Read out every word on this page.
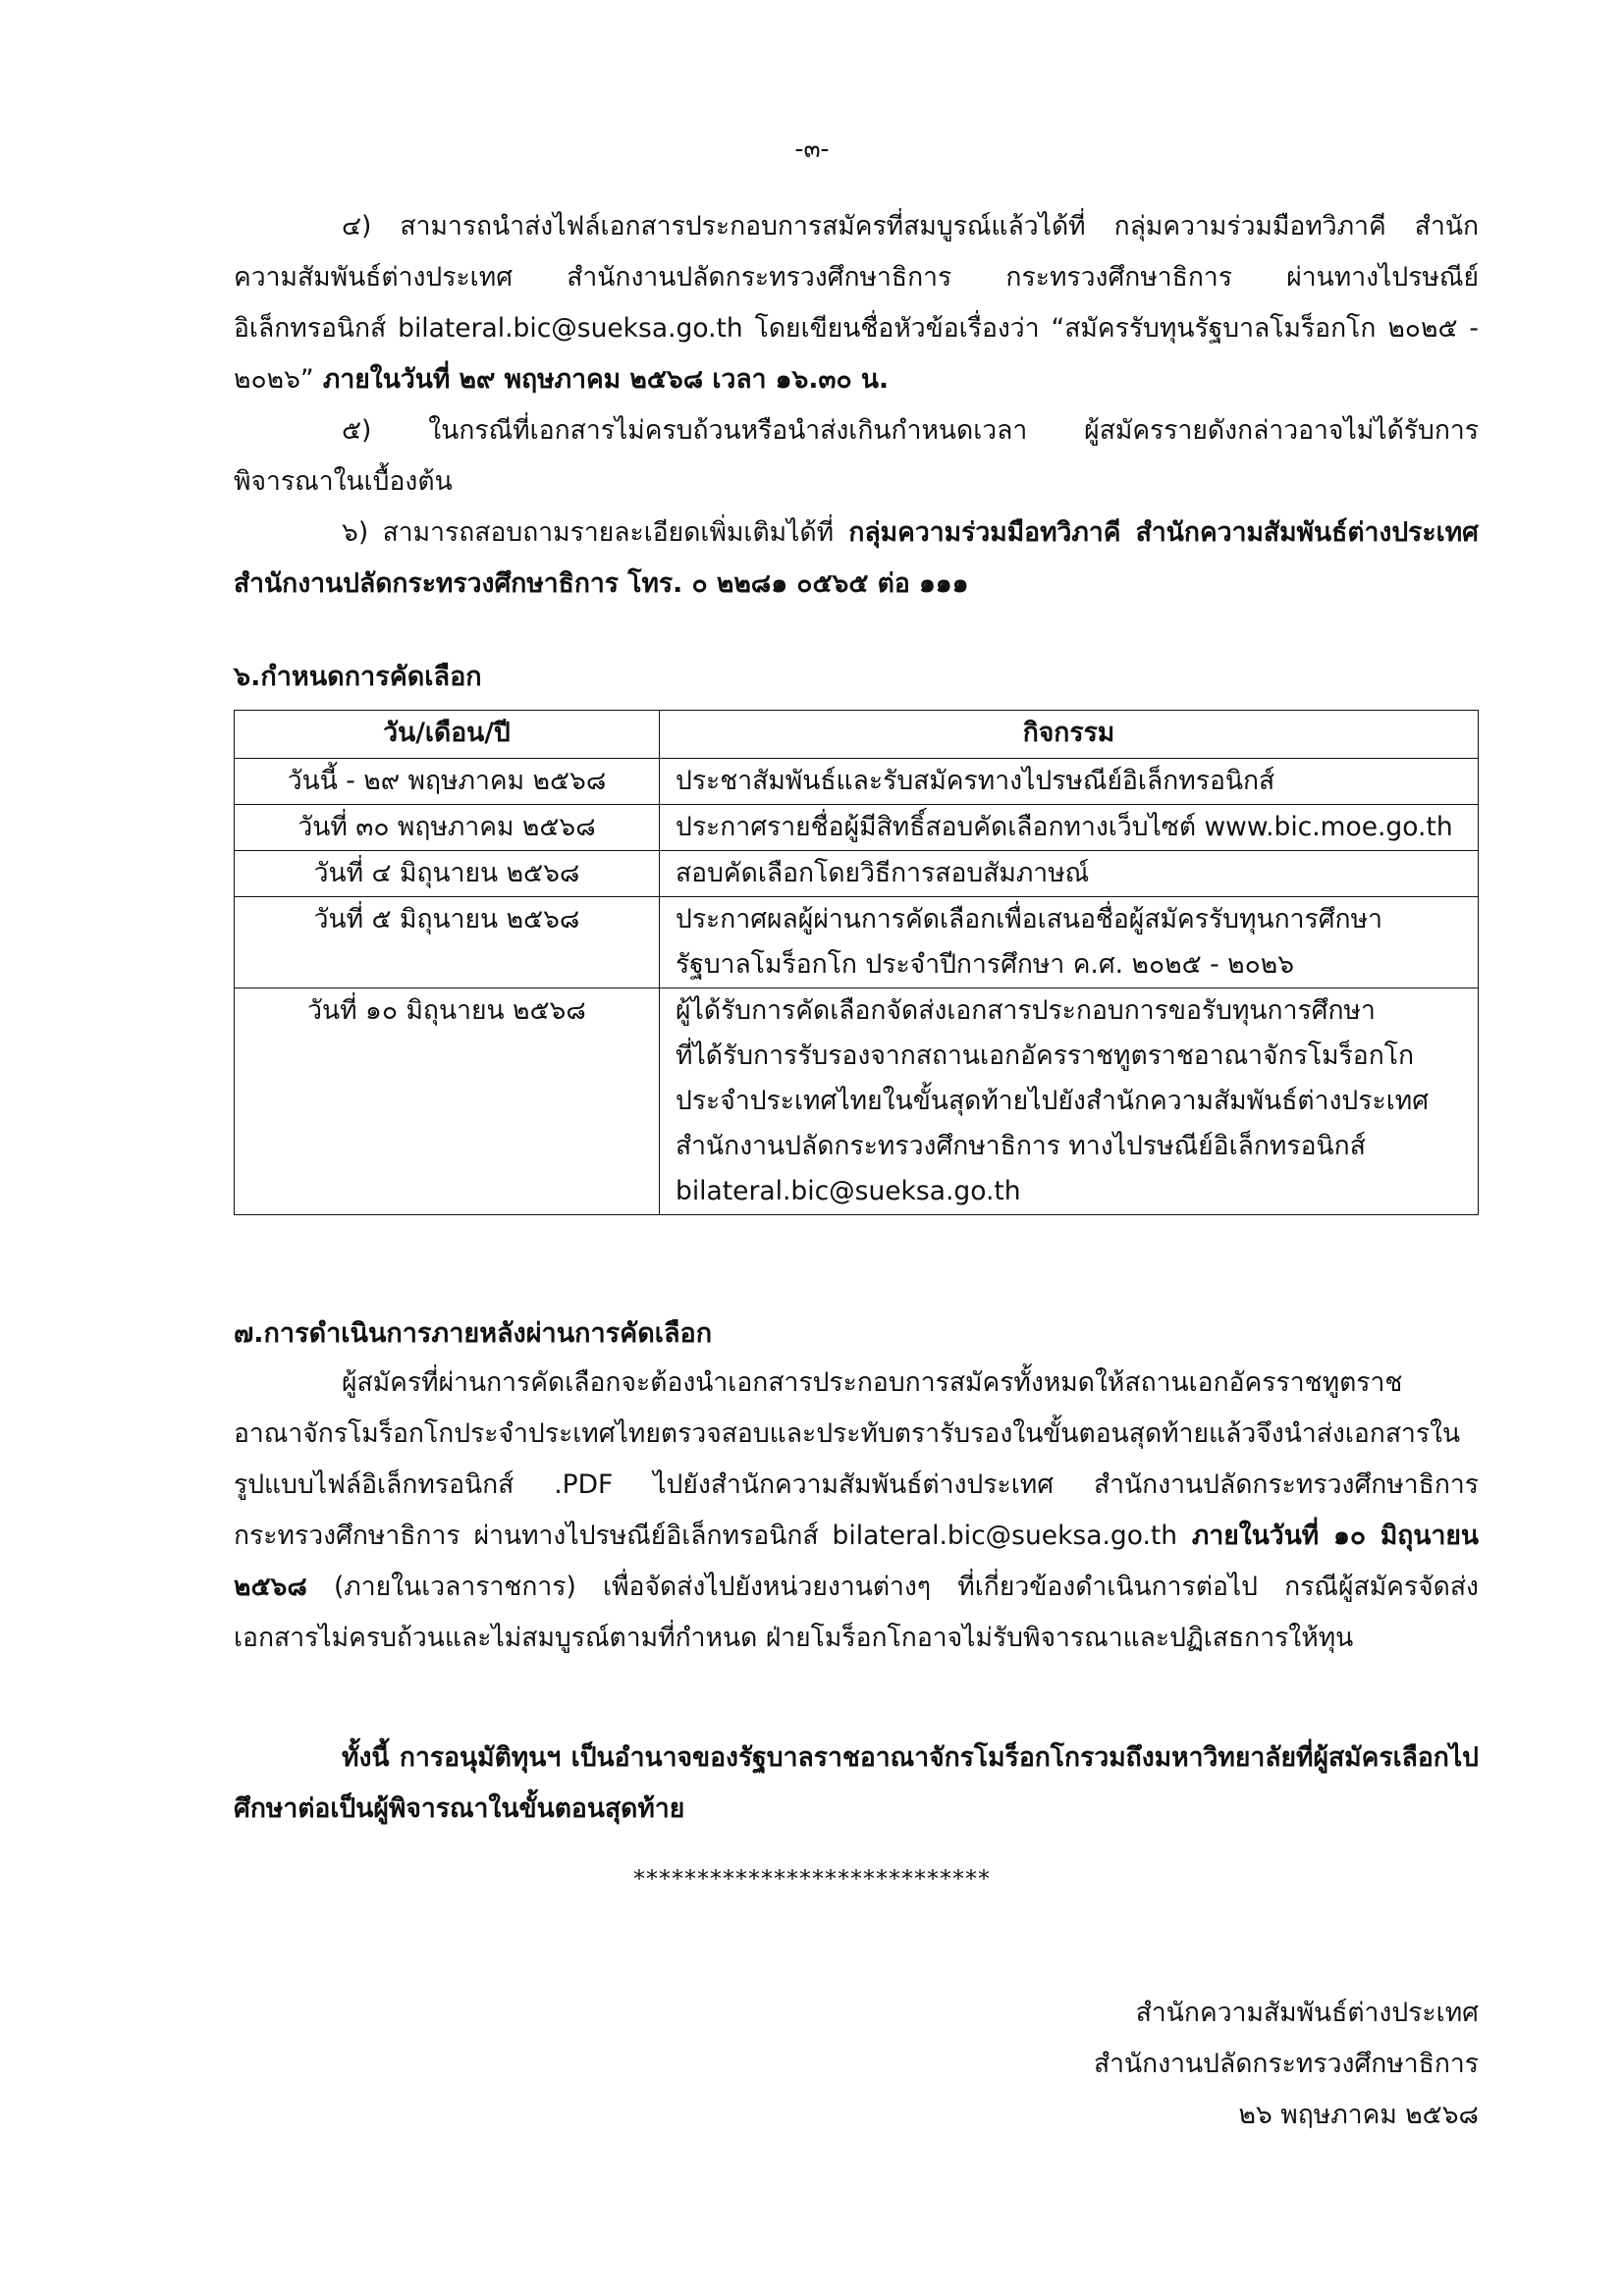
-๓-
๔) สามารถนำส่งไฟล์เอกสารประกอบการสมัครที่สมบูรณ์แล้วได้ที่ กลุ่มความร่วมมือทวิภาคี สำนักความสัมพันธ์ต่างประเทศ สำนักงานปลัดกระทรวงศึกษาธิการ กระทรวงศึกษาธิการ ผ่านทางไปรษณีย์อิเล็กทรอนิกส์ bilateral.bic@sueksa.go.th โดยเขียนชื่อหัวข้อเรื่องว่า “สมัครรับทุนรัฐบาลโมร็อกโก ๒๐๒๕ - ๒๐๒๖” ภายในวันที่ ๒๙ พฤษภาคม ๒๕๖๘ เวลา ๑๖.๓๐ น.
๕) ในกรณีที่เอกสารไม่ครบถ้วนหรือนำส่งเกินกำหนดเวลา ผู้สมัครรายดังกล่าวอาจไม่ได้รับการพิจารณาในเบื้องต้น
๖) สามารถสอบถามรายละเอียดเพิ่มเติมได้ที่ กลุ่มความร่วมมือทวิภาคี สำนักความสัมพันธ์ต่างประเทศ สำนักงานปลัดกระทรวงศึกษาธิการ โทร. ๐ ๒๒๘๑ ๐๕๖๕ ต่อ ๑๑๑
๖.กำหนดการคัดเลือก
วัน/เดือน/ปี	กิจกรรม
วันนี้ - ๒๙ พฤษภาคม ๒๕๖๘	ประชาสัมพันธ์และรับสมัครทางไปรษณีย์อิเล็กทรอนิกส์

วันที่ ๓๐ พฤษภาคม ๒๕๖๘	ประกาศรายชื่อผู้มีสิทธิ์สอบคัดเลือกทางเว็บไซต์ www.bic.moe.go.th

วันที่ ๔ มิถุนายน ๒๕๖๘	สอบคัดเลือกโดยวิธีการสอบสัมภาษณ์

วันที่ ๕ มิถุนายน ๒๕๖๘	ประกาศผลผู้ผ่านการคัดเลือกเพื่อเสนอชื่อผู้สมัครรับทุนการศึกษา
รัฐบาลโมร็อกโก ประจำปีการศึกษา ค.ศ. ๒๐๒๕ - ๒๐๒๖

วันที่ ๑๐ มิถุนายน ๒๕๖๘	ผู้ได้รับการคัดเลือกจัดส่งเอกสารประกอบการขอรับทุนการศึกษา
ที่ได้รับการรับรองจากสถานเอกอัครราชทูตราชอาณาจักรโมร็อกโก
ประจำประเทศไทยในขั้นสุดท้ายไปยังสำนักความสัมพันธ์ต่างประเทศ
สำนักงานปลัดกระทรวงศึกษาธิการ ทางไปรษณีย์อิเล็กทรอนิกส์
bilateral.bic@sueksa.go.th
๗.การดำเนินการภายหลังผ่านการคัดเลือก
ผู้สมัครที่ผ่านการคัดเลือกจะต้องนำเอกสารประกอบการสมัครทั้งหมดให้สถานเอกอัครราชทูตราชอาณาจักรโมร็อกโกประจำประเทศไทยตรวจสอบและประทับตรารับรองในขั้นตอนสุดท้ายแล้วจึงนำส่งเอกสารในรูปแบบไฟล์อิเล็กทรอนิกส์ .PDF ไปยังสำนักความสัมพันธ์ต่างประเทศ สำนักงานปลัดกระทรวงศึกษาธิการ กระทรวงศึกษาธิการ ผ่านทางไปรษณีย์อิเล็กทรอนิกส์ bilateral.bic@sueksa.go.th ภายในวันที่ ๑๐ มิถุนายน ๒๕๖๘ (ภายในเวลาราชการ) เพื่อจัดส่งไปยังหน่วยงานต่างๆ ที่เกี่ยวข้องดำเนินการต่อไป กรณีผู้สมัครจัดส่งเอกสารไม่ครบถ้วนและไม่สมบูรณ์ตามที่กำหนด ฝ่ายโมร็อกโกอาจไม่รับพิจารณาและปฏิเสธการให้ทุน
ทั้งนี้ การอนุมัติทุนฯ เป็นอำนาจของรัฐบาลราชอาณาจักรโมร็อกโกรวมถึงมหาวิทยาลัยที่ผู้สมัครเลือกไปศึกษาต่อเป็นผู้พิจารณาในขั้นตอนสุดท้าย
****************************
สำนักความสัมพันธ์ต่างประเทศ
สำนักงานปลัดกระทรวงศึกษาธิการ
๒๖ พฤษภาคม ๒๕๖๘
